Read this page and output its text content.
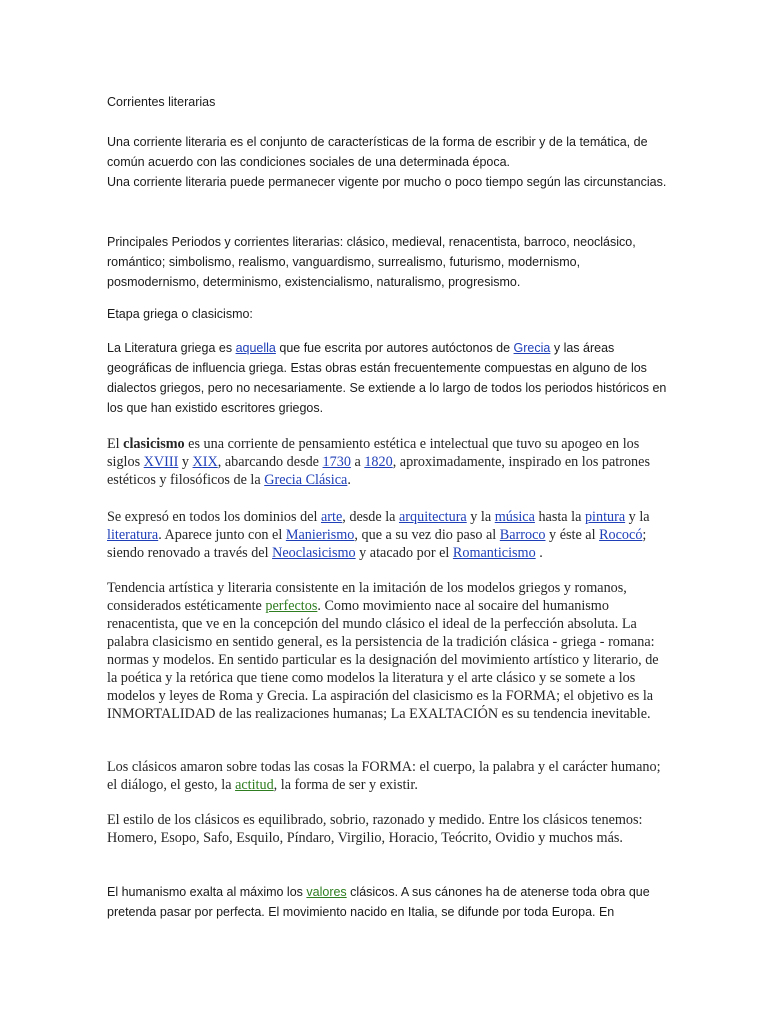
Corrientes literarias

Una corriente literaria es el conjunto de características de la forma de escribir y de la temática, de común acuerdo con las condiciones sociales de una determinada época.

Una corriente literaria puede permanecer vigente por mucho o poco tiempo según las circunstancias.

Principales Periodos y corrientes literarias: clásico, medieval, renacentista, barroco, neoclásico, romántico; simbolismo, realismo, vanguardismo, surrealismo, futurismo, modernismo, posmodernismo, determinismo, existencialismo, naturalismo, progresismo.

Etapa griega o clasicismo:

La Literatura griega es aquella que fue escrita por autores autóctonos de Grecia y las áreas geográficas de influencia griega. Estas obras están frecuentemente compuestas en alguno de los dialectos griegos, pero no necesariamente. Se extiende a lo largo de todos los periodos históricos en los que han existido escritores griegos.

El clasicismo es una corriente de pensamiento estética e intelectual que tuvo su apogeo en los siglos XVIII y XIX, abarcando desde 1730 a 1820, aproximadamente, inspirado en los patrones estéticos y filosóficos de la Grecia Clásica.

Se expresó en todos los dominios del arte, desde la arquitectura y la música hasta la pintura y la literatura. Aparece junto con el Manierismo, que a su vez dio paso al Barroco y éste al Rococó; siendo renovado a través del Neoclasicismo y atacado por el Romanticismo .

Tendencia artística y literaria consistente en la imitación de los modelos griegos y romanos, considerados estéticamente perfectos. Como movimiento nace al socaire del humanismo renacentista, que ve en la concepción del mundo clásico el ideal de la perfección absoluta. La palabra clasicismo en sentido general, es la persistencia de la tradición clásica - griega - romana: normas y modelos. En sentido particular es la designación del movimiento artístico y literario, de la poética y la retórica que tiene como modelos la literatura y el arte clásico y se somete a los modelos y leyes de Roma y Grecia. La aspiración del clasicismo es la FORMA; el objetivo es la INMORTALIDAD de las realizaciones humanas; La EXALTACIÓN es su tendencia inevitable.

Los clásicos amaron sobre todas las cosas la FORMA: el cuerpo, la palabra y el carácter humano; el diálogo, el gesto, la actitud, la forma de ser y existir.

El estilo de los clásicos es equilibrado, sobrio, razonado y medido. Entre los clásicos tenemos: Homero, Esopo, Safo, Esquilo, Píndaro, Virgilio, Horacio, Teócrito, Ovidio y muchos más.

El humanismo exalta al máximo los valores clásicos. A sus cánones ha de atenerse toda obra que pretenda pasar por perfecta. El movimiento nacido en Italia, se difunde por toda Europa. En
